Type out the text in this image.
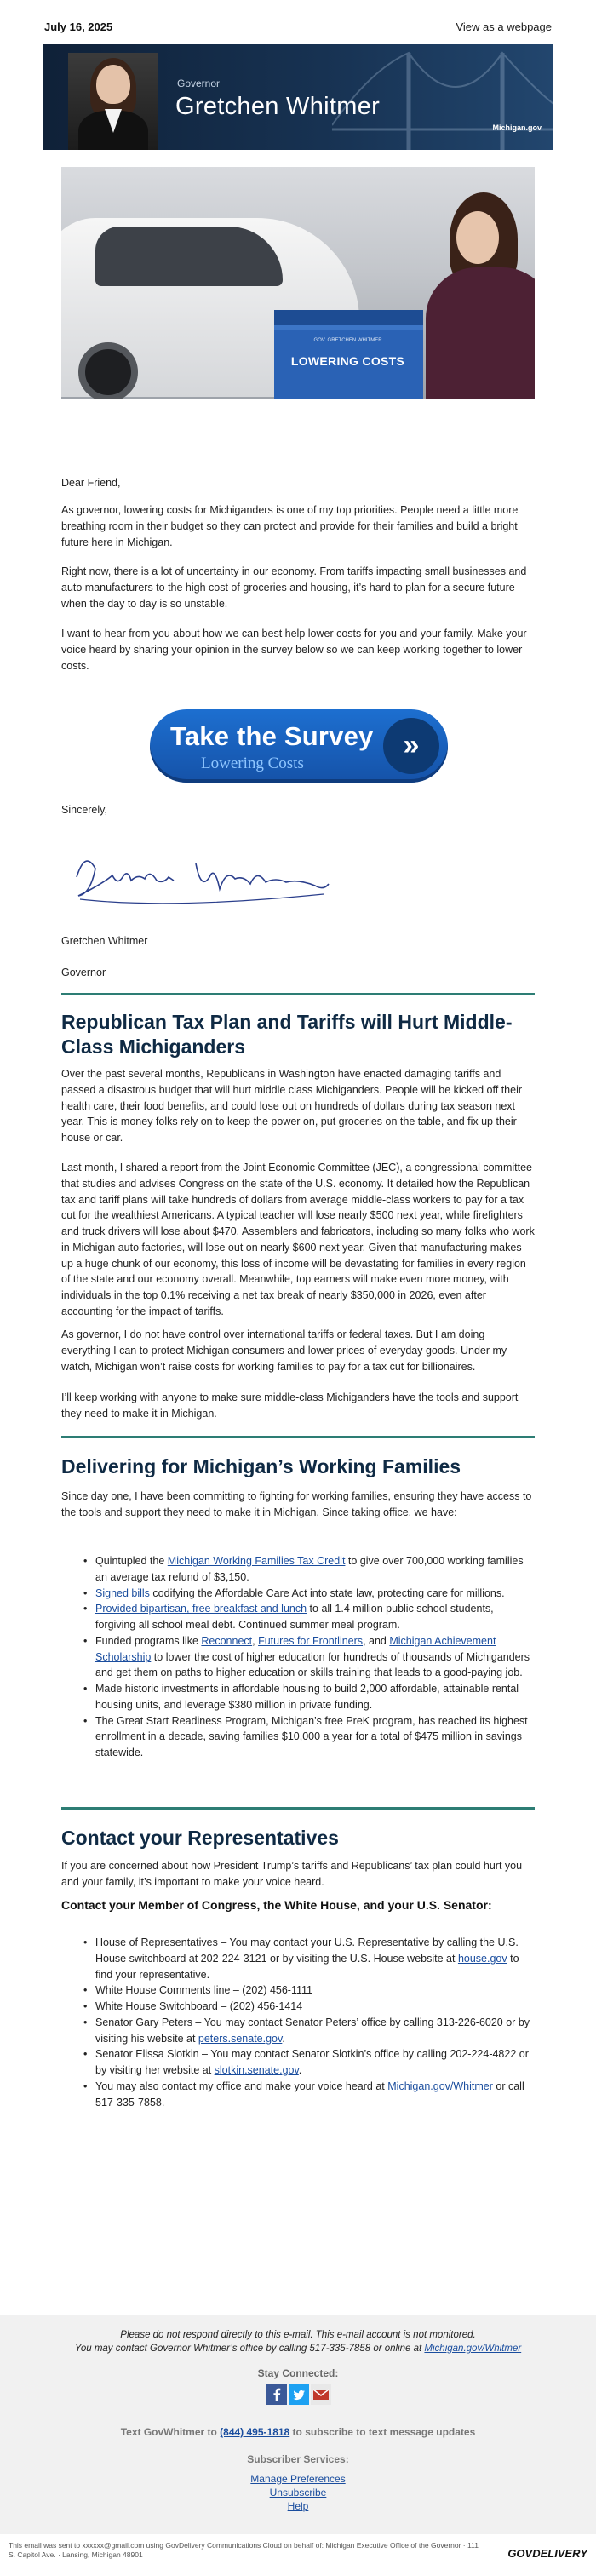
July 16, 2025	View as a webpage
Governor
Gretchen Whitmer
Michigan.gov
GOV. GRETCHEN WHITMER
LOWERING COSTS
Dear Friend,
As governor, lowering costs for Michiganders is one of my top priorities. People need a little more breathing room in their budget so they can protect and provide for their families and build a bright future here in Michigan.
Right now, there is a lot of uncertainty in our economy. From tariffs impacting small businesses and auto manufacturers to the high cost of groceries and housing, it’s hard to plan for a secure future when the day to day is so unstable.
I want to hear from you about how we can best help lower costs for you and your family. Make your voice heard by sharing your opinion in the survey below so we can keep working together to lower costs.
Take the Survey
Lowering Costs
»
Sincerely,
Gretchen Whitmer
Governor
Republican Tax Plan and Tariffs will Hurt Middle-Class Michiganders
Over the past several months, Republicans in Washington have enacted damaging tariffs and passed a disastrous budget that will hurt middle class Michiganders. People will be kicked off their health care, their food benefits, and could lose out on hundreds of dollars during tax season next year. This is money folks rely on to keep the power on, put groceries on the table, and fix up their house or car.
Last month, I shared a report from the Joint Economic Committee (JEC), a congressional committee that studies and advises Congress on the state of the U.S. economy. It detailed how the Republican tax and tariff plans will take hundreds of dollars from average middle-class workers to pay for a tax cut for the wealthiest Americans. A typical teacher will lose nearly $500 next year, while firefighters and truck drivers will lose about $470. Assemblers and fabricators, including so many folks who work in Michigan auto factories, will lose out on nearly $600 next year. Given that manufacturing makes up a huge chunk of our economy, this loss of income will be devastating for families in every region of the state and our economy overall. Meanwhile, top earners will make even more money, with individuals in the top 0.1% receiving a net tax break of nearly $350,000 in 2026, even after accounting for the impact of tariffs.
As governor, I do not have control over international tariffs or federal taxes. But I am doing everything I can to protect Michigan consumers and lower prices of everyday goods. Under my watch, Michigan won’t raise costs for working families to pay for a tax cut for billionaires.
I’ll keep working with anyone to make sure middle-class Michiganders have the tools and support they need to make it in Michigan.
Delivering for Michigan’s Working Families
Since day one, I have been committing to fighting for working families, ensuring they have access to the tools and support they need to make it in Michigan. Since taking office, we have:
• Quintupled the Michigan Working Families Tax Credit to give over 700,000 working families an average tax refund of $3,150.
• Signed bills codifying the Affordable Care Act into state law, protecting care for millions.
• Provided bipartisan, free breakfast and lunch to all 1.4 million public school students, forgiving all school meal debt. Continued summer meal program.
• Funded programs like Reconnect, Futures for Frontliners, and Michigan Achievement Scholarship to lower the cost of higher education for hundreds of thousands of Michiganders and get them on paths to higher education or skills training that leads to a good-paying job.
• Made historic investments in affordable housing to build 2,000 affordable, attainable rental housing units, and leverage $380 million in private funding.
• The Great Start Readiness Program, Michigan’s free PreK program, has reached its highest enrollment in a decade, saving families $10,000 a year for a total of $475 million in savings statewide.
Contact your Representatives
If you are concerned about how President Trump’s tariffs and Republicans’ tax plan could hurt you and your family, it’s important to make your voice heard.
Contact your Member of Congress, the White House, and your U.S. Senator:
• House of Representatives – You may contact your U.S. Representative by calling the U.S. House switchboard at 202-224-3121 or by visiting the U.S. House website at house.gov to find your representative.
• White House Comments line – (202) 456-1111
• White House Switchboard – (202) 456-1414
• Senator Gary Peters – You may contact Senator Peters’ office by calling 313-226-6020 or by visiting his website at peters.senate.gov.
• Senator Elissa Slotkin – You may contact Senator Slotkin’s office by calling 202-224-4822 or by visiting her website at slotkin.senate.gov.
• You may also contact my office and make your voice heard at Michigan.gov/Whitmer or call 517-335-7858.
Please do not respond directly to this e-mail. This e-mail account is not monitored.
You may contact Governor Whitmer’s office by calling 517-335-7858 or online at Michigan.gov/Whitmer
Stay Connected:
Text GovWhitmer to (844) 495-1818 to subscribe to text message updates
Subscriber Services:
Manage Preferences
Unsubscribe
Help
This email was sent to xxxxxx@gmail.com using GovDelivery Communications Cloud on behalf of: Michigan Executive Office of the Governor · 111 S. Capitol Ave. · Lansing, Michigan 48901	GOVDELIVERY
